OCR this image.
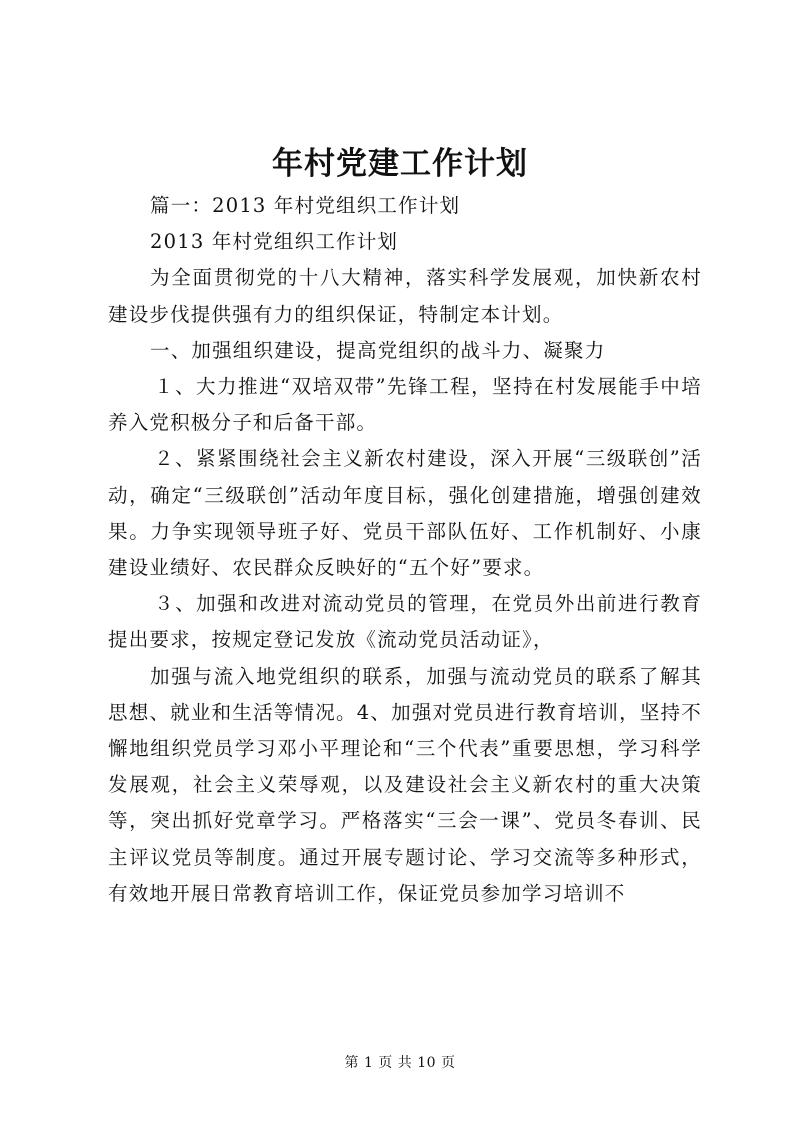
年村党建工作计划

篇一：2013 年村党组织工作计划

2013 年村党组织工作计划

为全面贯彻党的十八大精神，落实科学发展观，加快新农村建设步伐提供强有力的组织保证，特制定本计划。

一、加强组织建设，提高党组织的战斗力、凝聚力

１、大力推进“双培双带”先锋工程，坚持在村发展能手中培养入党积极分子和后备干部。

２、紧紧围绕社会主义新农村建设，深入开展“三级联创”活动，确定“三级联创”活动年度目标，强化创建措施，增强创建效果。力争实现领导班子好、党员干部队伍好、工作机制好、小康建设业绩好、农民群众反映好的“五个好”要求。

３、加强和改进对流动党员的管理，在党员外出前进行教育提出要求，按规定登记发放《流动党员活动证》，

加强与流入地党组织的联系，加强与流动党员的联系了解其思想、就业和生活等情况。4、加强对党员进行教育培训，坚持不懈地组织党员学习邓小平理论和“三个代表”重要思想，学习科学发展观，社会主义荣辱观，以及建设社会主义新农村的重大决策等，突出抓好党章学习。严格落实“三会一课”、党员冬春训、民主评议党员等制度。通过开展专题讨论、学习交流等多种形式，有效地开展日常教育培训工作，保证党员参加学习培训不

第 1 页 共 10 页
